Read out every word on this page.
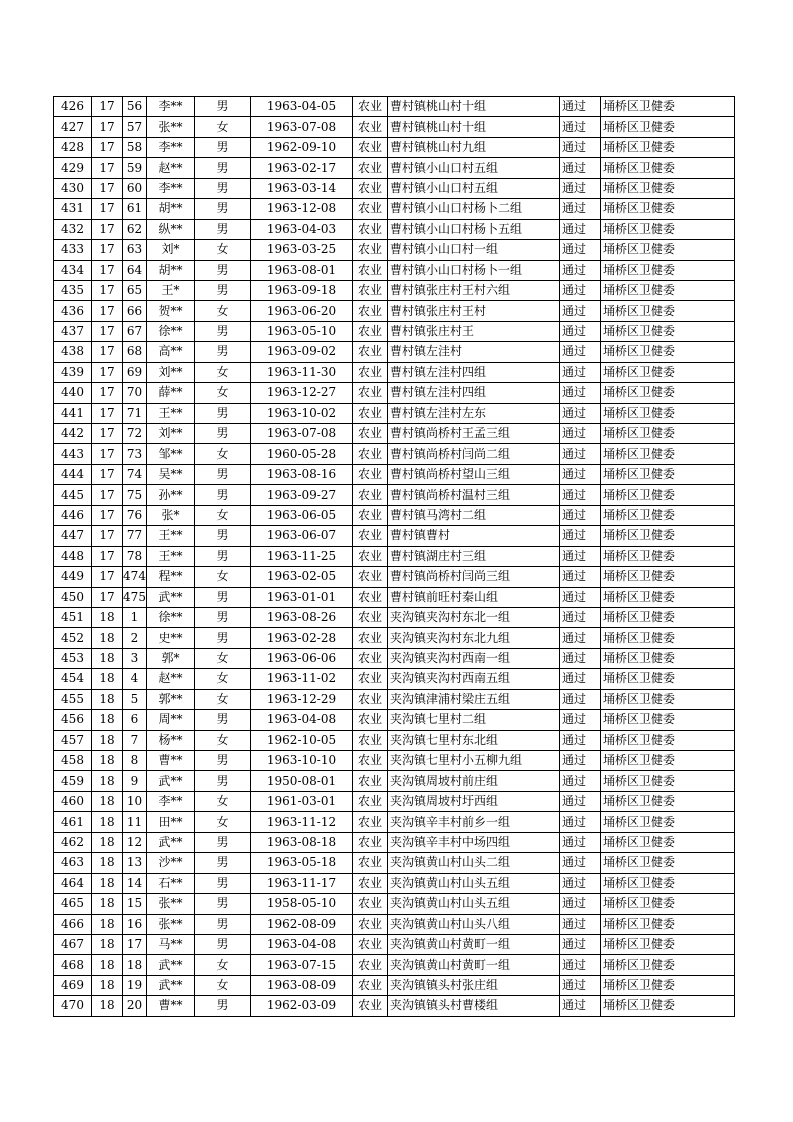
426	17	56	李**	男	1963-04-05	农业	曹村镇桃山村十组	通过	埇桥区卫健委
427	17	57	张**	女	1963-07-08	农业	曹村镇桃山村十组	通过	埇桥区卫健委
428	17	58	李**	男	1962-09-10	农业	曹村镇桃山村九组	通过	埇桥区卫健委
429	17	59	赵**	男	1963-02-17	农业	曹村镇小山口村五组	通过	埇桥区卫健委
430	17	60	李**	男	1963-03-14	农业	曹村镇小山口村五组	通过	埇桥区卫健委
431	17	61	胡**	男	1963-12-08	农业	曹村镇小山口村杨卜二组	通过	埇桥区卫健委
432	17	62	纵**	男	1963-04-03	农业	曹村镇小山口村杨卜五组	通过	埇桥区卫健委
433	17	63	刘*	女	1963-03-25	农业	曹村镇小山口村一组	通过	埇桥区卫健委
434	17	64	胡**	男	1963-08-01	农业	曹村镇小山口村杨卜一组	通过	埇桥区卫健委
435	17	65	王*	男	1963-09-18	农业	曹村镇张庄村王村六组	通过	埇桥区卫健委
436	17	66	贺**	女	1963-06-20	农业	曹村镇张庄村王村	通过	埇桥区卫健委
437	17	67	徐**	男	1963-05-10	农业	曹村镇张庄村王	通过	埇桥区卫健委
438	17	68	高**	男	1963-09-02	农业	曹村镇左洼村	通过	埇桥区卫健委
439	17	69	刘**	女	1963-11-30	农业	曹村镇左洼村四组	通过	埇桥区卫健委
440	17	70	薛**	女	1963-12-27	农业	曹村镇左洼村四组	通过	埇桥区卫健委
441	17	71	王**	男	1963-10-02	农业	曹村镇左洼村左东	通过	埇桥区卫健委
442	17	72	刘**	男	1963-07-08	农业	曹村镇尚桥村王孟三组	通过	埇桥区卫健委
443	17	73	邹**	女	1960-05-28	农业	曹村镇尚桥村闫尚二组	通过	埇桥区卫健委
444	17	74	吴**	男	1963-08-16	农业	曹村镇尚桥村望山三组	通过	埇桥区卫健委
445	17	75	孙**	男	1963-09-27	农业	曹村镇尚桥村温村三组	通过	埇桥区卫健委
446	17	76	张*	女	1963-06-05	农业	曹村镇马湾村二组	通过	埇桥区卫健委
447	17	77	王**	男	1963-06-07	农业	曹村镇曹村	通过	埇桥区卫健委
448	17	78	王**	男	1963-11-25	农业	曹村镇湖庄村三组	通过	埇桥区卫健委
449	17	474	程**	女	1963-02-05	农业	曹村镇尚桥村闫尚三组	通过	埇桥区卫健委
450	17	475	武**	男	1963-01-01	农业	曹村镇前旺村秦山组	通过	埇桥区卫健委
451	18	1	徐**	男	1963-08-26	农业	夹沟镇夹沟村东北一组	通过	埇桥区卫健委
452	18	2	史**	男	1963-02-28	农业	夹沟镇夹沟村东北九组	通过	埇桥区卫健委
453	18	3	郭*	女	1963-06-06	农业	夹沟镇夹沟村西南一组	通过	埇桥区卫健委
454	18	4	赵**	女	1963-11-02	农业	夹沟镇夹沟村西南五组	通过	埇桥区卫健委
455	18	5	郭**	女	1963-12-29	农业	夹沟镇津浦村梁庄五组	通过	埇桥区卫健委
456	18	6	周**	男	1963-04-08	农业	夹沟镇七里村二组	通过	埇桥区卫健委
457	18	7	杨**	女	1962-10-05	农业	夹沟镇七里村东北组	通过	埇桥区卫健委
458	18	8	曹**	男	1963-10-10	农业	夹沟镇七里村小五柳九组	通过	埇桥区卫健委
459	18	9	武**	男	1950-08-01	农业	夹沟镇周坡村前庄组	通过	埇桥区卫健委
460	18	10	李**	女	1961-03-01	农业	夹沟镇周坡村圩西组	通过	埇桥区卫健委
461	18	11	田**	女	1963-11-12	农业	夹沟镇辛丰村前乡一组	通过	埇桥区卫健委
462	18	12	武**	男	1963-08-18	农业	夹沟镇辛丰村中场四组	通过	埇桥区卫健委
463	18	13	沙**	男	1963-05-18	农业	夹沟镇黄山村山头二组	通过	埇桥区卫健委
464	18	14	石**	男	1963-11-17	农业	夹沟镇黄山村山头五组	通过	埇桥区卫健委
465	18	15	张**	男	1958-05-10	农业	夹沟镇黄山村山头五组	通过	埇桥区卫健委
466	18	16	张**	男	1962-08-09	农业	夹沟镇黄山村山头八组	通过	埇桥区卫健委
467	18	17	马**	男	1963-04-08	农业	夹沟镇黄山村黄町一组	通过	埇桥区卫健委
468	18	18	武**	女	1963-07-15	农业	夹沟镇黄山村黄町一组	通过	埇桥区卫健委
469	18	19	武**	女	1963-08-09	农业	夹沟镇镇头村张庄组	通过	埇桥区卫健委
470	18	20	曹**	男	1962-03-09	农业	夹沟镇镇头村曹楼组	通过	埇桥区卫健委
